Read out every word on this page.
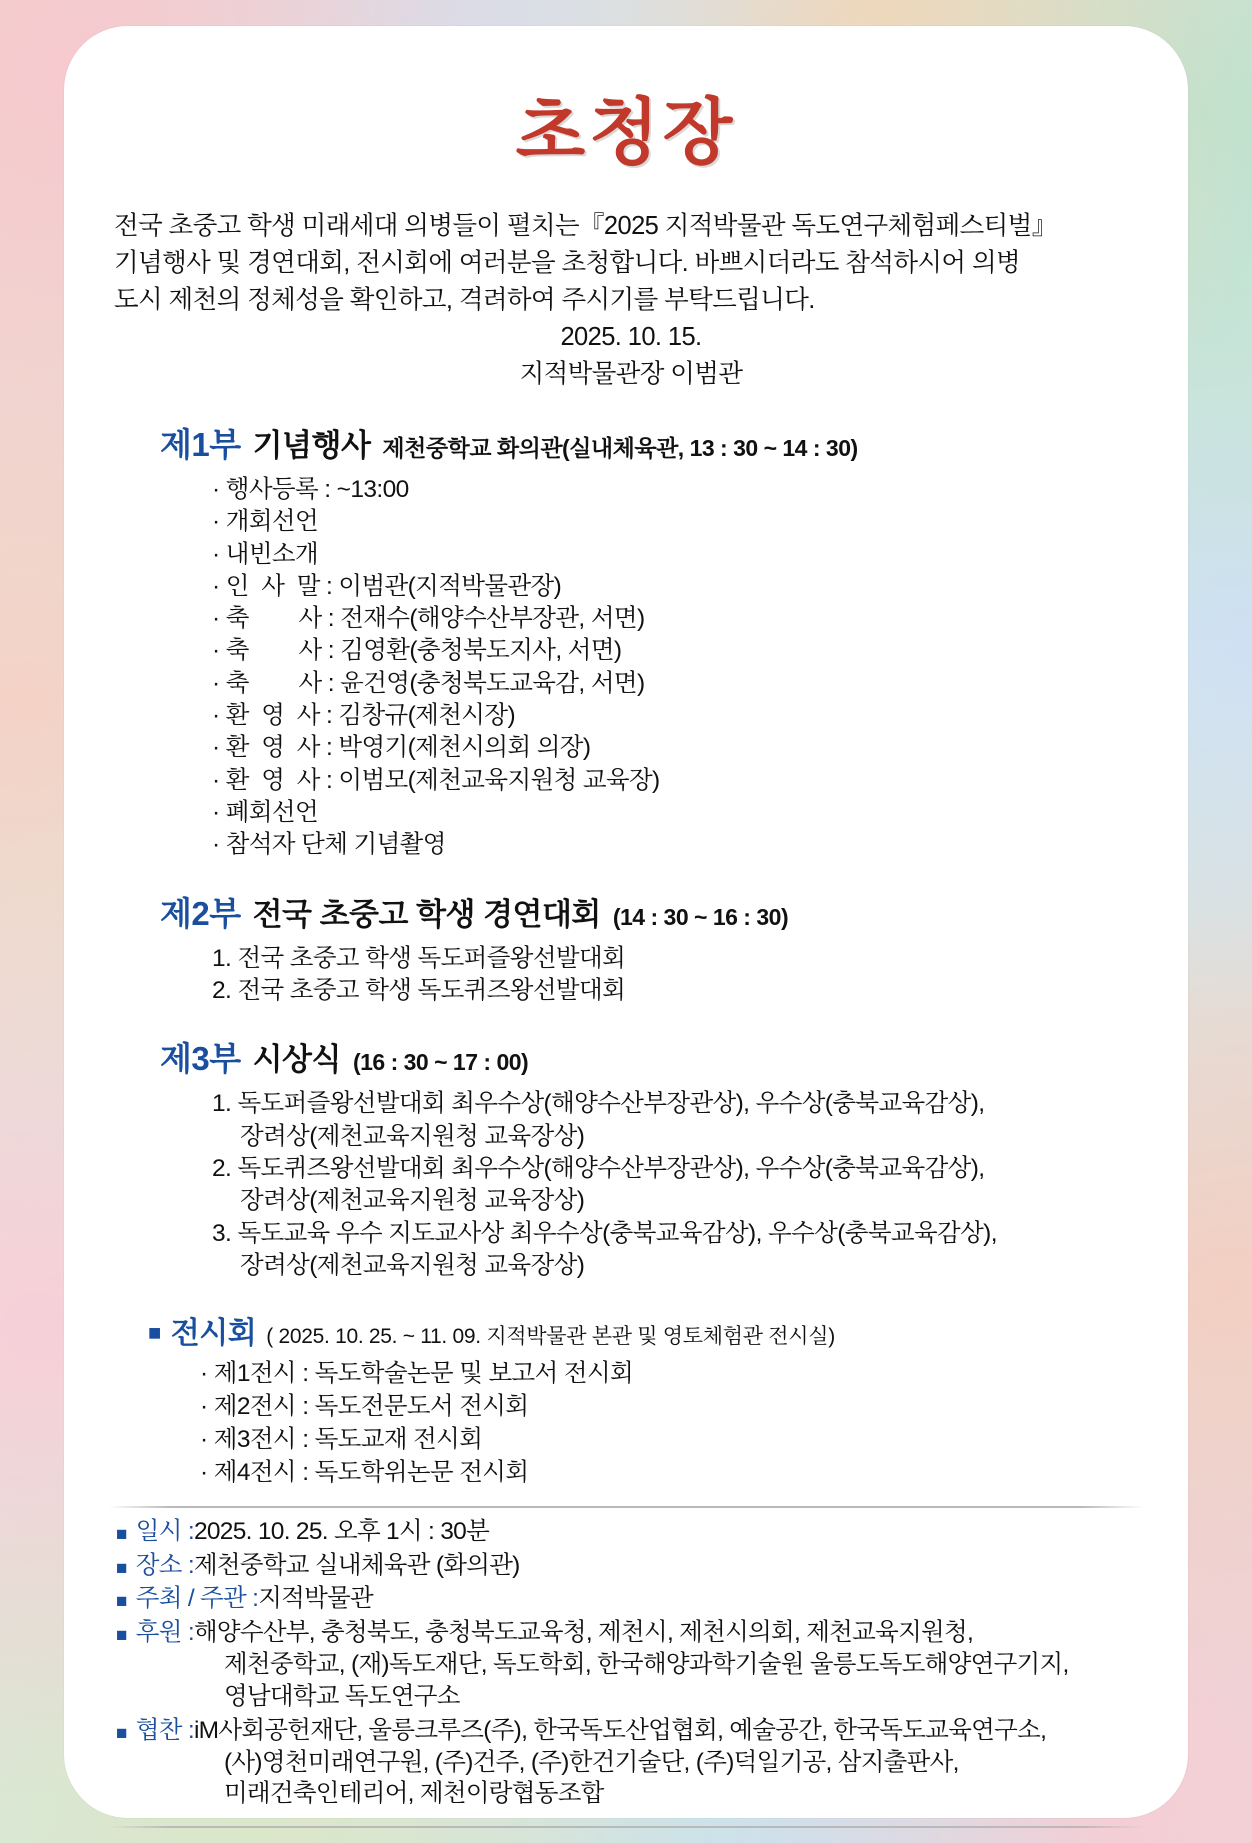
초청장

전국 초중고 학생 미래세대 의병들이 펼치는『2025 지적박물관 독도연구체험페스티벌』

기념행사 및 경연대회, 전시회에 여러분을 초청합니다. 바쁘시더라도 참석하시어 의병

도시 제천의 정체성을 확인하고, 격려하여 주시기를 부탁드립니다.

2025. 10. 15.

지적박물관장 이범관

제1부 기념행사 제천중학교 화의관(실내체육관, 13 : 30 ~ 14 : 30)
· 행사등록 : ~13:00
· 개회선언
· 내빈소개
· 인  사  말 : 이범관(지적박물관장)
· 축        사 : 전재수(해양수산부장관, 서면)
· 축        사 : 김영환(충청북도지사, 서면)
· 축        사 : 윤건영(충청북도교육감, 서면)
· 환  영  사 : 김창규(제천시장)
· 환  영  사 : 박영기(제천시의회 의장)
· 환  영  사 : 이범모(제천교육지원청 교육장)
· 폐회선언
· 참석자 단체 기념촬영
제2부 전국 초중고 학생 경연대회 (14 : 30 ~ 16 : 30)
1. 전국 초중고 학생 독도퍼즐왕선발대회
2. 전국 초중고 학생 독도퀴즈왕선발대회
제3부 시상식 (16 : 30 ~ 17 : 00)
1. 독도퍼즐왕선발대회 최우수상(해양수산부장관상), 우수상(충북교육감상),
장려상(제천교육지원청 교육장상)
2. 독도퀴즈왕선발대회 최우수상(해양수산부장관상), 우수상(충북교육감상),
장려상(제천교육지원청 교육장상)
3. 독도교육 우수 지도교사상 최우수상(충북교육감상), 우수상(충북교육감상),
장려상(제천교육지원청 교육장상)
■ 전시회 ( 2025. 10. 25. ~ 11. 09. 지적박물관 본관 및 영토체험관 전시실)
· 제1전시 : 독도학술논문 및 보고서 전시회
· 제2전시 : 독도전문도서 전시회
· 제3전시 : 독도교재 전시회
· 제4전시 : 독도학위논문 전시회
■ 일시 : 2025. 10. 25. 오후 1시 : 30분
■ 장소 : 제천중학교 실내체육관 (화의관)
■ 주최 / 주관 : 지적박물관
■ 후원 : 해양수산부, 충청북도, 충청북도교육청, 제천시, 제천시의회, 제천교육지원청,
제천중학교, (재)독도재단, 독도학회, 한국해양과학기술원 울릉도독도해양연구기지,
영남대학교 독도연구소
■ 협찬 : iM사회공헌재단, 울릉크루즈(주), 한국독도산업협회, 예술공간, 한국독도교육연구소,
(사)영천미래연구원, (주)건주, (주)한건기술단, (주)덕일기공, 삼지출판사,
미래건축인테리어, 제천이랑협동조합
